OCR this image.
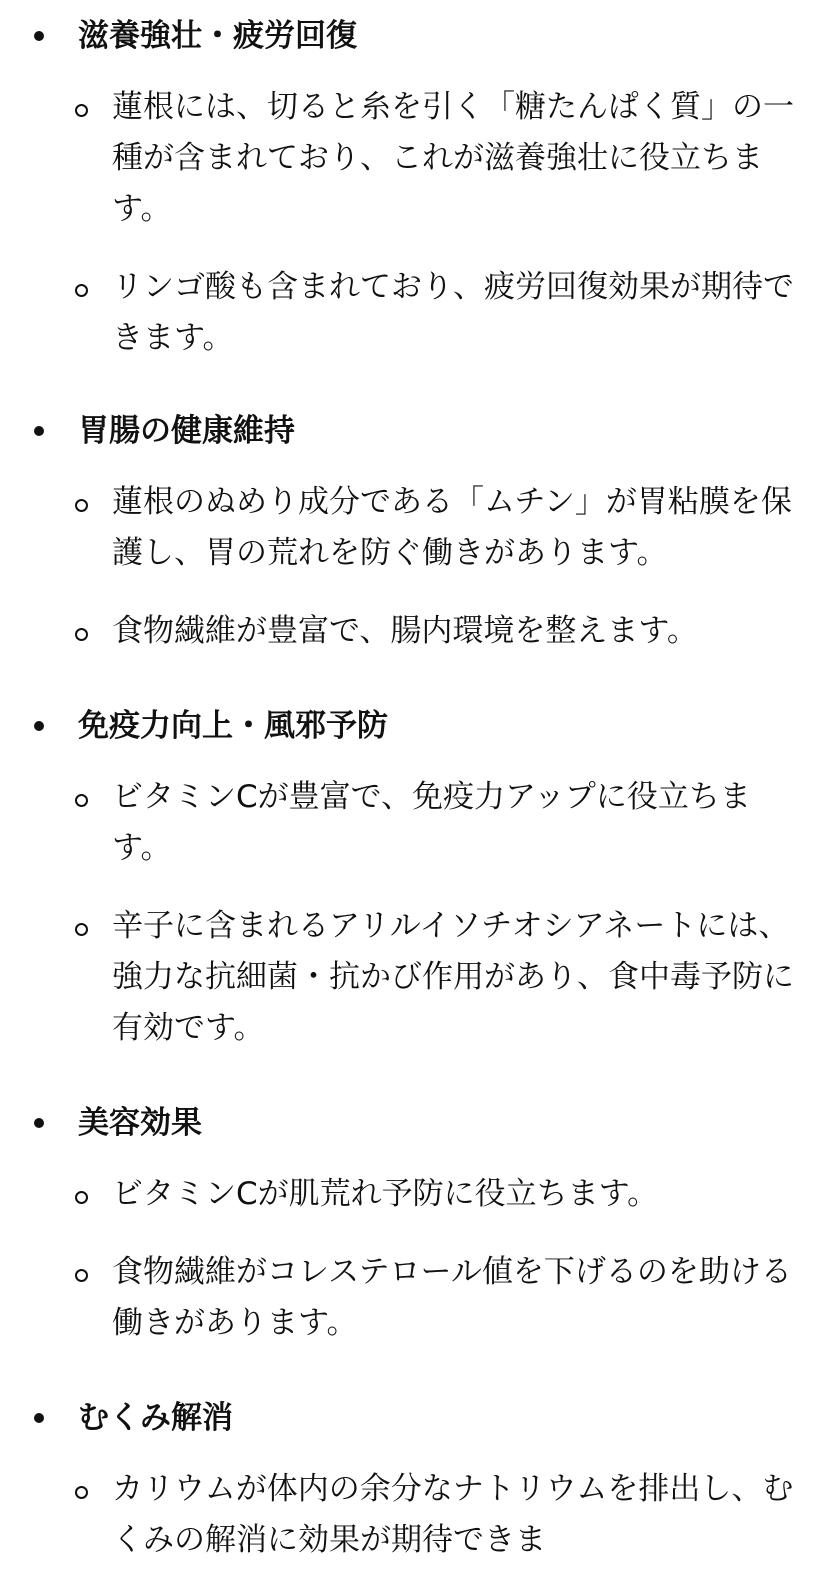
滋養強壮・疲労回復
蓮根には、切ると糸を引く「糖たんぱく質」の一種が含まれており、これが滋養強壮に役立ちます。
リンゴ酸も含まれており、疲労回復効果が期待できます。
胃腸の健康維持
蓮根のぬめり成分である「ムチン」が胃粘膜を保護し、胃の荒れを防ぐ働きがあります。
食物繊維が豊富で、腸内環境を整えます。
免疫力向上・風邪予防
ビタミンCが豊富で、免疫力アップに役立ちます。
辛子に含まれるアリルイソチオシアネートには、強力な抗細菌・抗かび作用があり、食中毒予防に有効です。
美容効果
ビタミンCが肌荒れ予防に役立ちます。
食物繊維がコレステロール値を下げるのを助ける働きがあります。
むくみ解消
カリウムが体内の余分なナトリウムを排出し、むくみの解消に効果が期待できま
